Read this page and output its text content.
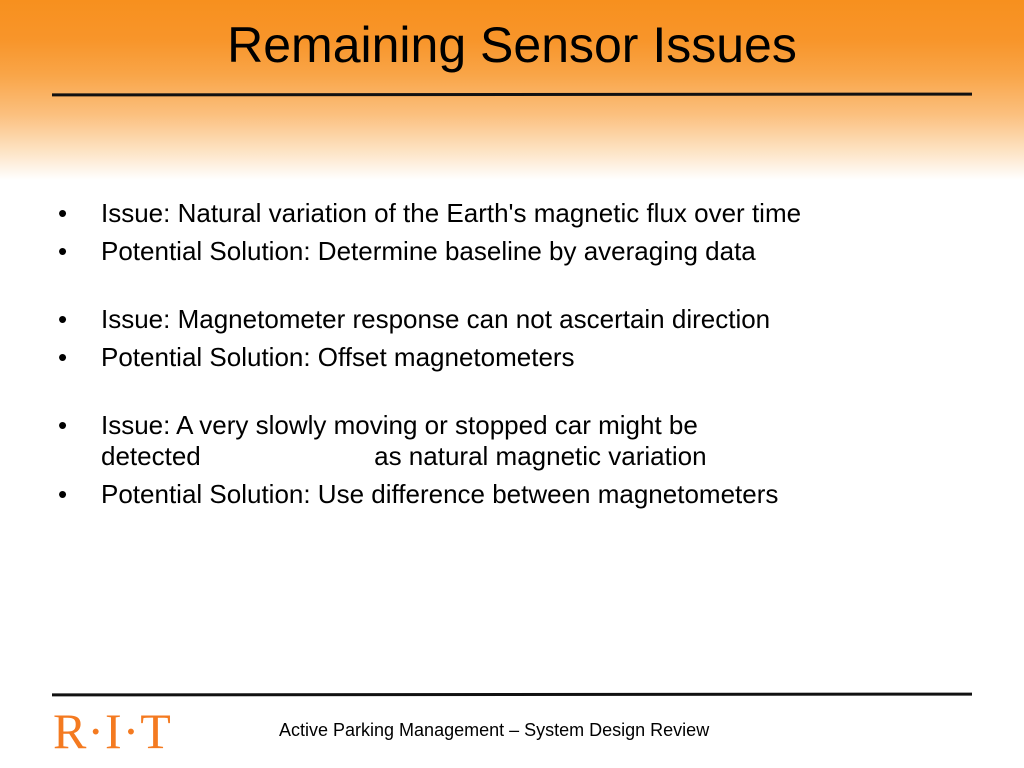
Remaining Sensor Issues
•	Issue: Natural variation of the Earth's magnetic flux over time
•	Potential Solution: Determine baseline by averaging data
•	Issue: Magnetometer response can not ascertain direction
•	Potential Solution: Offset magnetometers
•	Issue: A very slowly moving or stopped car might be detected	as natural magnetic variation
•	Potential Solution: Use difference between magnetometers
R·I·T	Active Parking Management – System Design Review
